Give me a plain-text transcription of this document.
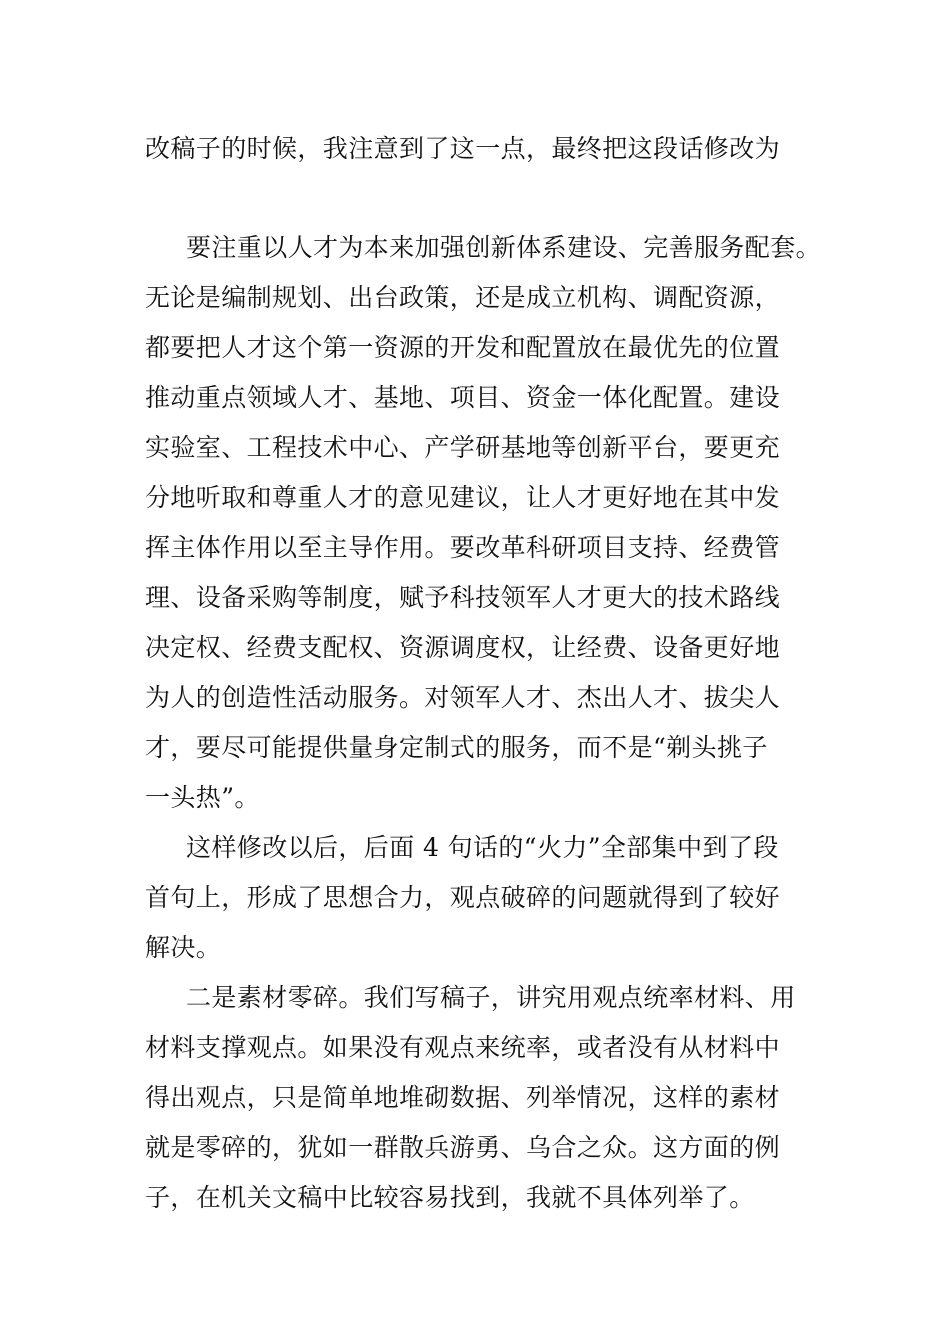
改稿子的时候，我注意到了这一点，最终把这段话修改为
要注重以人才为本来加强创新体系建设、完善服务配套。
无论是编制规划、出台政策，还是成立机构、调配资源，
都要把人才这个第一资源的开发和配置放在最优先的位置
推动重点领域人才、基地、项目、资金一体化配置。建设
实验室、工程技术中心、产学研基地等创新平台，要更充
分地听取和尊重人才的意见建议，让人才更好地在其中发
挥主体作用以至主导作用。要改革科研项目支持、经费管
理、设备采购等制度，赋予科技领军人才更大的技术路线
决定权、经费支配权、资源调度权，让经费、设备更好地
为人的创造性活动服务。对领军人才、杰出人才、拔尖人
才，要尽可能提供量身定制式的服务，而不是“剃头挑子
一头热”。
这样修改以后，后面 4 句话的“火力”全部集中到了段
首句上，形成了思想合力，观点破碎的问题就得到了较好
解决。
二是素材零碎。我们写稿子，讲究用观点统率材料、用
材料支撑观点。如果没有观点来统率，或者没有从材料中
得出观点，只是简单地堆砌数据、列举情况，这样的素材
就是零碎的，犹如一群散兵游勇、乌合之众。这方面的例
子，在机关文稿中比较容易找到，我就不具体列举了。
